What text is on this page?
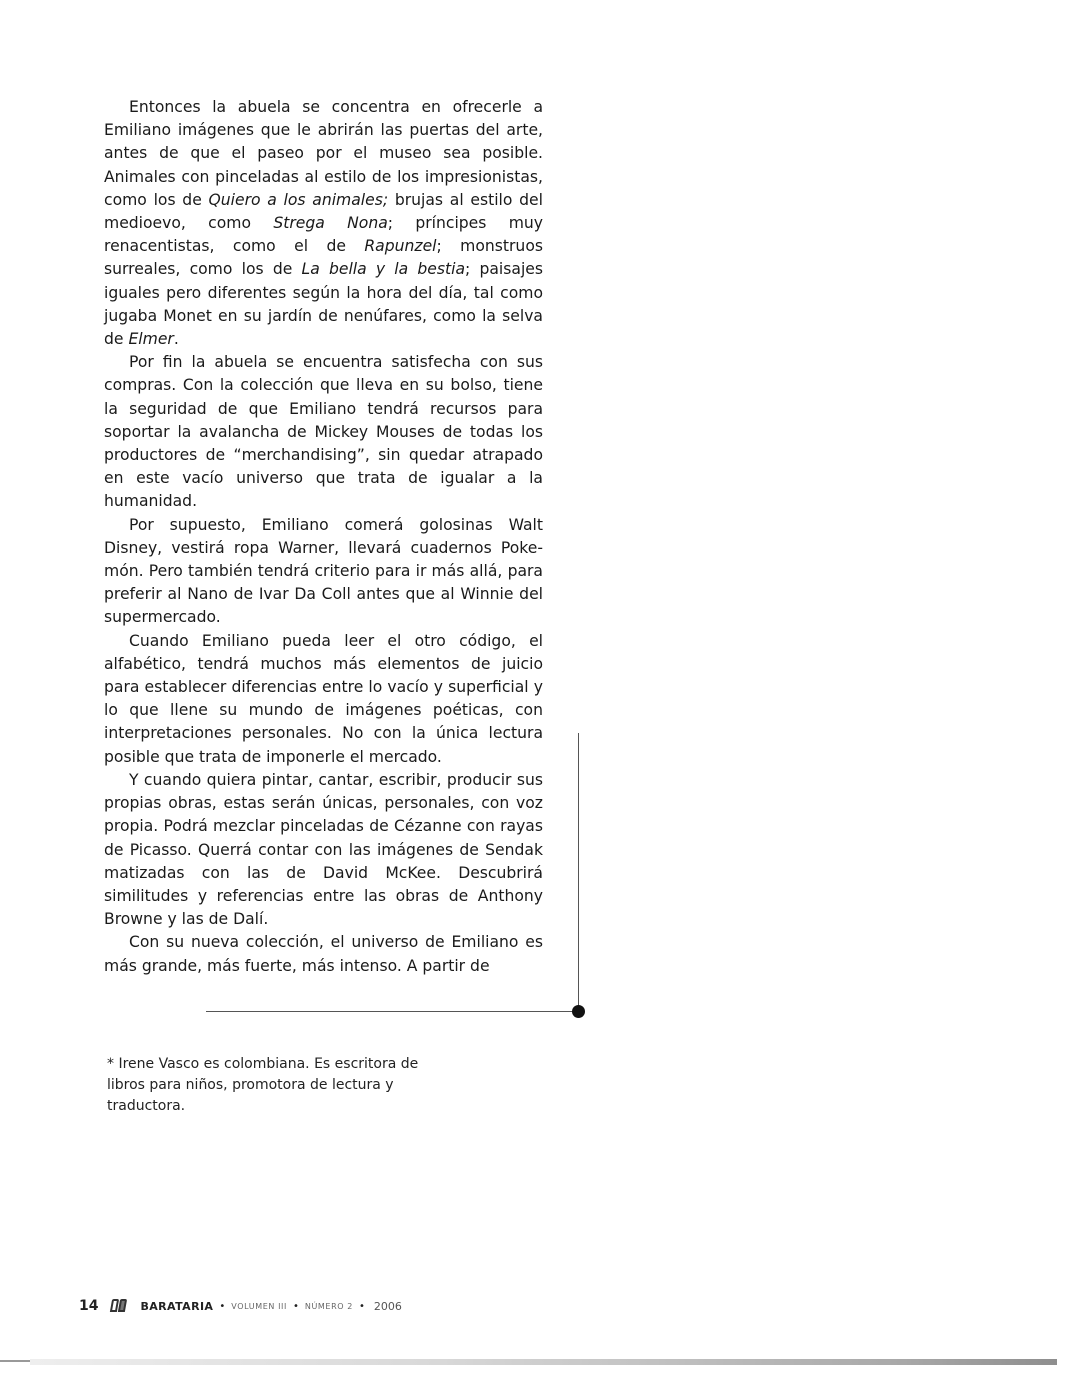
Entonces la abuela se concentra en ofrecerle a Emiliano imágenes que le abrirán las puertas del arte, antes de que el paseo por el museo sea posible. Animales con pinceladas al estilo de los impresionistas, como los de Quiero a los animales; brujas al estilo del medioevo, como Strega Nona; príncipes muy renacentistas, como el de Rapunzel; monstruos surreales, como los de La bella y la bestia; paisajes iguales pero diferentes según la hora del día, tal como jugaba Monet en su jardín de nenúfares, como la selva de Elmer.

Por fin la abuela se encuentra satisfecha con sus compras. Con la colección que lleva en su bolso, tiene la seguridad de que Emiliano tendrá recursos para soportar la avalancha de Mickey Mouses de todas los productores de “merchandising”, sin quedar atrapado en este vacío universo que trata de igualar a la humanidad.

Por supuesto, Emiliano comerá golosinas Walt Disney, vestirá ropa Warner, llevará cuadernos Pokemón. Pero también tendrá criterio para ir más allá, para preferir al Nano de Ivar Da Coll antes que al Winnie del supermercado.

Cuando Emiliano pueda leer el otro código, el alfabético, tendrá muchos más elementos de juicio para establecer diferencias entre lo vacío y superficial y lo que llene su mundo de imágenes poéticas, con interpretaciones personales. No con la única lectura posible que trata de imponerle el mercado.

Y cuando quiera pintar, cantar, escribir, producir sus propias obras, estas serán únicas, personales, con voz propia. Podrá mezclar pinceladas de Cézanne con rayas de Picasso. Querrá contar con las imágenes de Sendak matizadas con las de David McKee. Descubrirá similitudes y referencias entre las obras de Anthony Browne y las de Dalí.

Con su nueva colección, el universo de Emiliano es más grande, más fuerte, más intenso. A partir de

* Irene Vasco es colombiana. Es escritora de libros para niños, promotora de lectura y traductora.
14	BARATARIA • VOLUMEN III • NÚMERO 2 • 2006
